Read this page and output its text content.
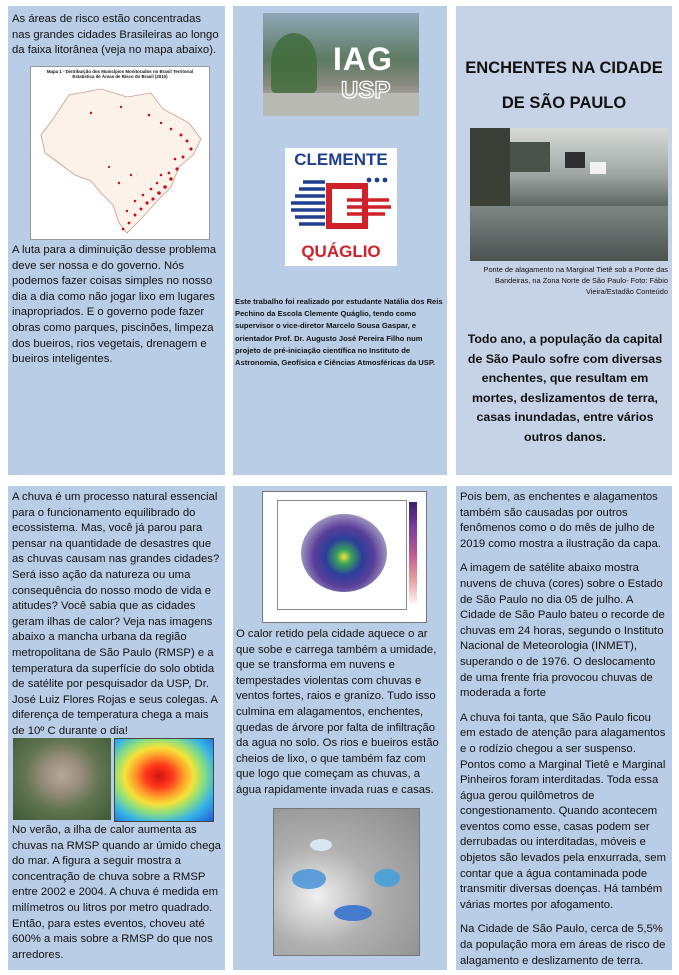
As áreas de risco estão concentradas nas grandes cidades Brasileiras ao longo da faixa litorânea (veja no mapa abaixo).

Mapa 1 - Distribuição dos Municípios Monitorados no Brasil Territorial Estatística de Áreas de Risco do Brasil (2010)

A luta para a diminuição desse problema deve ser nossa e do governo. Nós podemos fazer coisas simples no nosso dia a dia como não jogar lixo em lugares inapropriados. E o governo pode fazer obras como parques, piscinões, limpeza dos bueiros, rios vegetais, drenagem e bueiros inteligentes.

IAG
USP
CLEMENTE
QUÁGLIO

Este trabalho foi realizado por estudante Natália dos Reis Pechino da Escola Clemente Quáglio, tendo como supervisor o vice-diretor Marcelo Sousa Gaspar, e orientador Prof. Dr. Augusto José Pereira Filho num projeto de pré-iniciação científica no Instituto de Astronomia, Geofísica e Ciências Atmosféricas da USP.

ENCHENTES NA CIDADE
DE SÃO PAULO
Ponte de alagamento na Marginal Tietê sob a Ponte das Bandeiras, na Zona Norte de São Paulo- Foto: Fábio Vieira/Estadão Conteúdo
Todo ano, a população da capital de São Paulo sofre com diversas enchentes, que resultam em mortes, deslizamentos de terra, casas inundadas, entre vários outros danos.

A chuva é um processo natural essencial para o funcionamento equilibrado do ecossistema. Mas, você já parou para pensar na quantidade de desastres que as chuvas causam nas grandes cidades? Será isso ação da natureza ou uma consequência do nosso modo de vida e atitudes? Você sabia que as cidades geram ilhas de calor? Veja nas imagens abaixo a mancha urbana da região metropolitana de São Paulo (RMSP) e a temperatura da superfície do solo obtida de satélite por pesquisador da USP, Dr. José Luiz Flores Rojas e seus colegas. A diferença de temperatura chega a mais de 10º C durante o dia!

No verão, a ilha de calor aumenta as chuvas na RMSP quando ar úmido chega do mar. A figura a seguir mostra a concentração de chuva sobre a RMSP entre 2002 e 2004. A chuva é medida em milímetros ou litros por metro quadrado. Então, para estes eventos, choveu até 600% a mais sobre a RMSP do que nos arredores.

O calor retido pela cidade aquece o ar que sobe e carrega também a umidade, que se transforma em nuvens e tempestades violentas com chuvas e ventos fortes, raios e granizo. Tudo isso culmina em alagamentos, enchentes, quedas de árvore por falta de infiltração da agua no solo. Os rios e bueiros estão cheios de lixo, o que também faz com que logo que começam as chuvas, a água rapidamente invada ruas e casas.

Pois bem, as enchentes e alagamentos também são causadas por outros fenômenos como o do mês de julho de 2019 como mostra a ilustração da capa.

A imagem de satélite abaixo mostra nuvens de chuva (cores) sobre o Estado de São Paulo no dia 05 de julho. A Cidade de São Paulo bateu o recorde de chuvas em 24 horas, segundo o Instituto Nacional de Meteorologia (INMET), superando o de 1976. O deslocamento de uma frente fria provocou chuvas de moderada a forte

A chuva foi tanta, que São Paulo ficou em estado de atenção para alagamentos e o rodízio chegou a ser suspenso. Pontos como a Marginal Tietê e Marginal Pinheiros foram interditadas. Toda essa água gerou quilômetros de congestionamento. Quando acontecem eventos como esse, casas podem ser derrubadas ou interditadas, móveis e objetos são levados pela enxurrada, sem contar que a água contaminada pode transmitir diversas doenças. Há também várias mortes por afogamento.

Na Cidade de São Paulo, cerca de 5,5% da população mora em áreas de risco de alagamento e deslizamento de terra.
